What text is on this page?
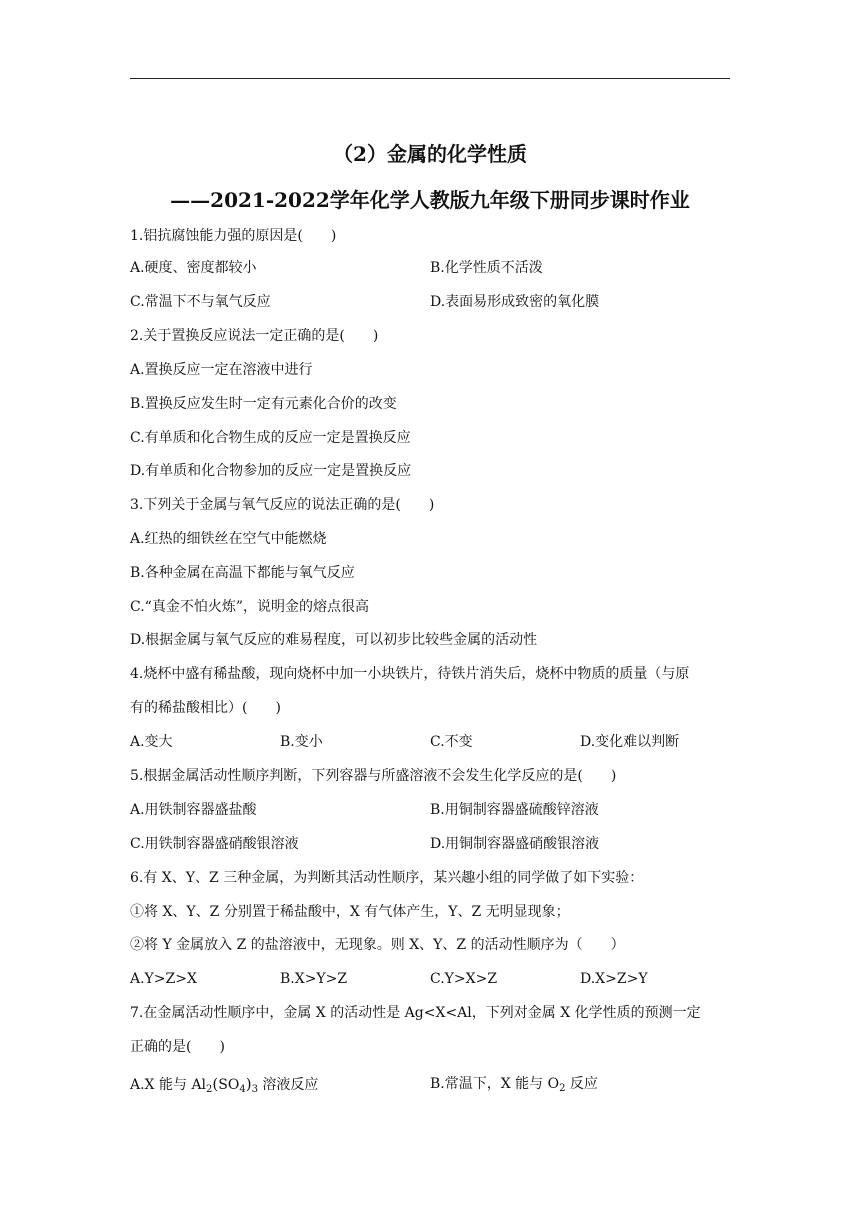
（2）金属的化学性质
——2021-2022学年化学人教版九年级下册同步课时作业
1.铝抗腐蚀能力强的原因是(　　)
A.硬度、密度都较小	B.化学性质不活泼
C.常温下不与氧气反应	D.表面易形成致密的氧化膜
2.关于置换反应说法一定正确的是(　　)
A.置换反应一定在溶液中进行
B.置换反应发生时一定有元素化合价的改变
C.有单质和化合物生成的反应一定是置换反应
D.有单质和化合物参加的反应一定是置换反应
3.下列关于金属与氧气反应的说法正确的是(　　)
A.红热的细铁丝在空气中能燃烧
B.各种金属在高温下都能与氧气反应
C.“真金不怕火炼”，说明金的熔点很高
D.根据金属与氧气反应的难易程度，可以初步比较些金属的活动性
4.烧杯中盛有稀盐酸，现向烧杯中加一小块铁片，待铁片消失后，烧杯中物质的质量（与原
有的稀盐酸相比）(　　)
A.变大	B.变小	C.不变	D.变化难以判断
5.根据金属活动性顺序判断，下列容器与所盛溶液不会发生化学反应的是(　　)
A.用铁制容器盛盐酸	B.用铜制容器盛硫酸锌溶液
C.用铁制容器盛硝酸银溶液	D.用铜制容器盛硝酸银溶液
6.有 X、Y、Z 三种金属，为判断其活动性顺序，某兴趣小组的同学做了如下实验：
①将 X、Y、Z 分别置于稀盐酸中，X 有气体产生，Y、Z 无明显现象；
②将 Y 金属放入 Z 的盐溶液中，无现象。则 X、Y、Z 的活动性顺序为（　　）
A.Y>Z>X	B.X>Y>Z	C.Y>X>Z	D.X>Z>Y
7.在金属活动性顺序中，金属 X 的活动性是 Ag<X<Al，下列对金属 X 化学性质的预测一定
正确的是(　　)
A.X 能与 $Al_2(SO_4)_3$ 溶液反应	B.常温下，X 能与 $O_2$ 反应
